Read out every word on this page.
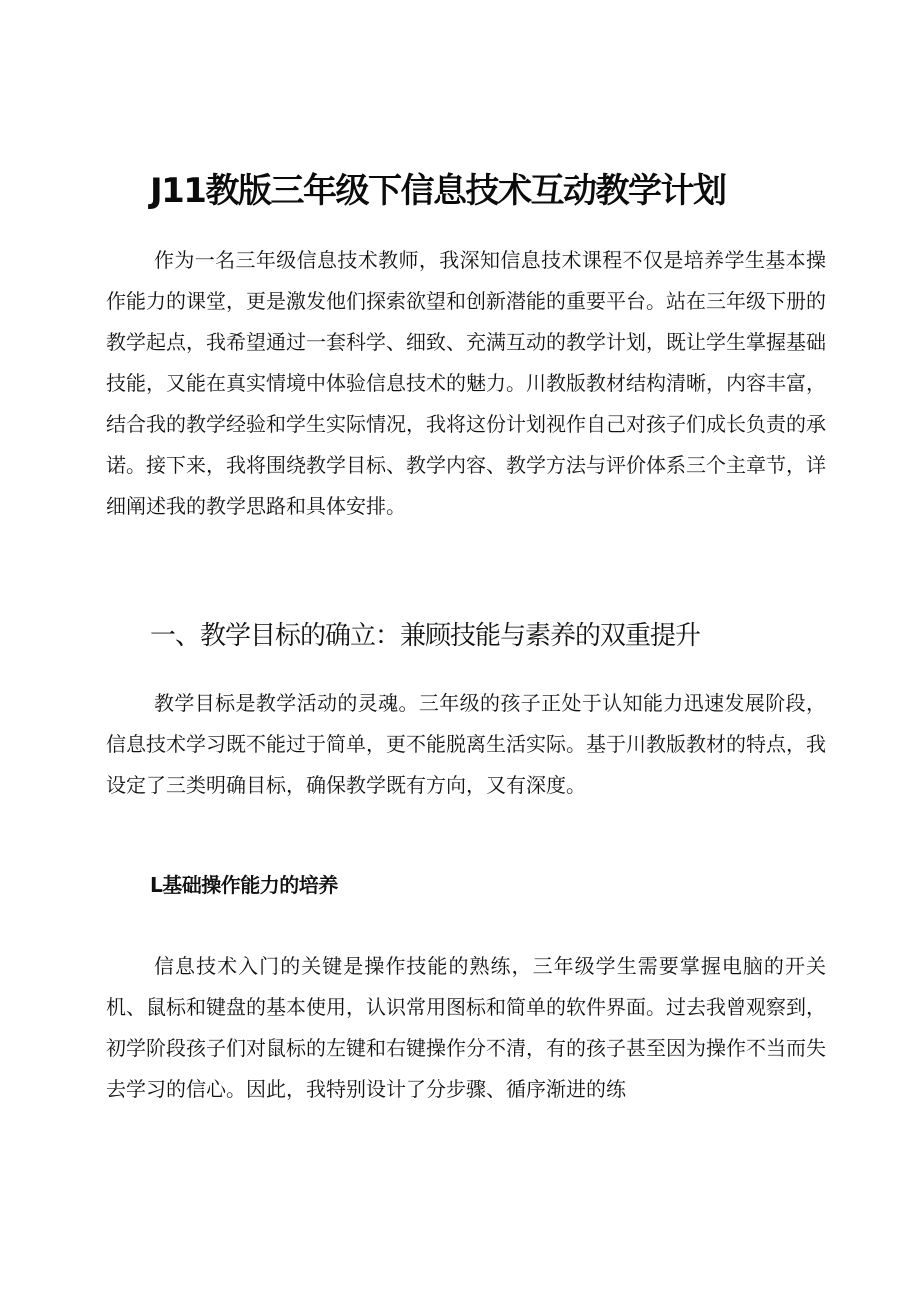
J11教版三年级下信息技术互动教学计划

作为一名三年级信息技术教师，我深知信息技术课程不仅是培养学生基本操作能力的课堂，更是激发他们探索欲望和创新潜能的重要平台。站在三年级下册的教学起点，我希望通过一套科学、细致、充满互动的教学计划，既让学生掌握基础技能，又能在真实情境中体验信息技术的魅力。川教版教材结构清晰，内容丰富，结合我的教学经验和学生实际情况，我将这份计划视作自己对孩子们成长负责的承诺。接下来，我将围绕教学目标、教学内容、教学方法与评价体系三个主章节，详细阐述我的教学思路和具体安排。

一、教学目标的确立：兼顾技能与素养的双重提升

教学目标是教学活动的灵魂。三年级的孩子正处于认知能力迅速发展阶段，信息技术学习既不能过于简单，更不能脱离生活实际。基于川教版教材的特点，我设定了三类明确目标，确保教学既有方向，又有深度。

L基础操作能力的培养

信息技术入门的关键是操作技能的熟练，三年级学生需要掌握电脑的开关机、鼠标和键盘的基本使用，认识常用图标和简单的软件界面。过去我曾观察到，初学阶段孩子们对鼠标的左键和右键操作分不清，有的孩子甚至因为操作不当而失去学习的信心。因此，我特别设计了分步骤、循序渐进的练
